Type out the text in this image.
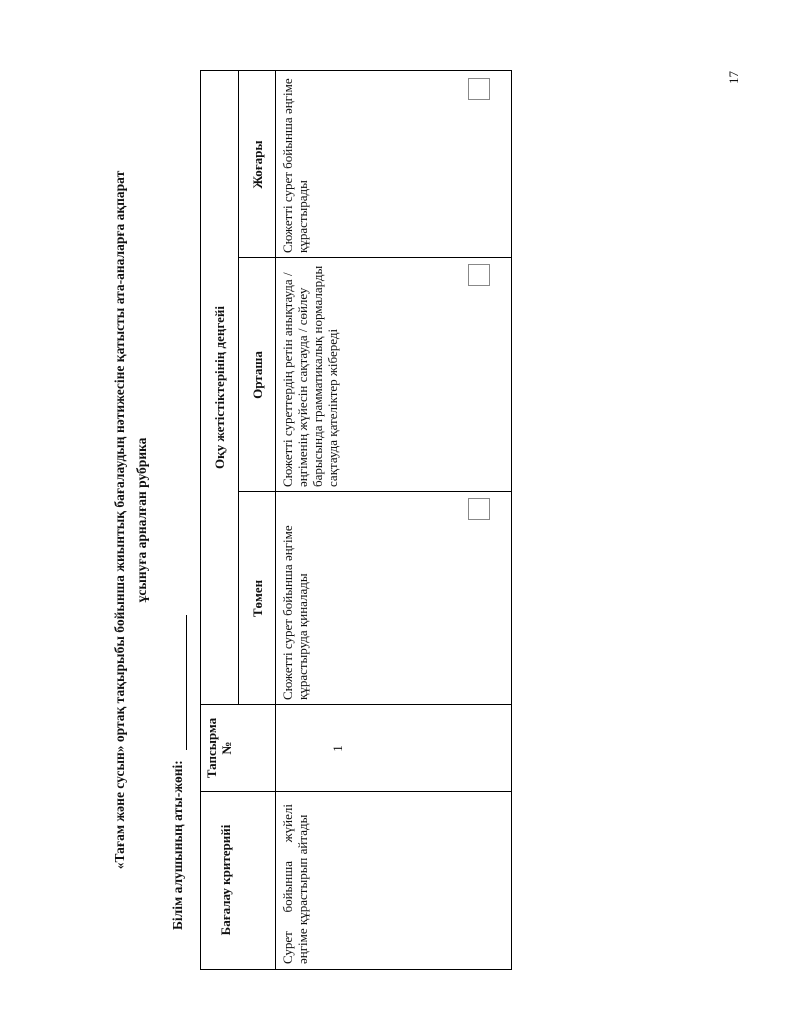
«Тағам және сусын» ортақ тақырыбы бойынша жиынтық бағалаудың нәтижесіне қатысты ата-аналарға ақпарат ұсынуға арналған рубрика
Білім алушының аты-жөні:	Бағалау критерийі
Тапсырма №
Оқу жетістіктерінің деңгейі
Төмен
Орташа
Жоғары
Сурет бойынша жүйелі әңгіме құрастырып айтады
1
Сюжетті сурет бойынша әңгіме құрастыруда қиналады
Сюжетті суреттердің ретін анықтауда / әңгіменің жүйесін сақтауда / сөйлеу барысында грамматикалық нормаларды сақтауда қателіктер жібереді
Сюжетті сурет бойынша әңгіме құрастырады
17
